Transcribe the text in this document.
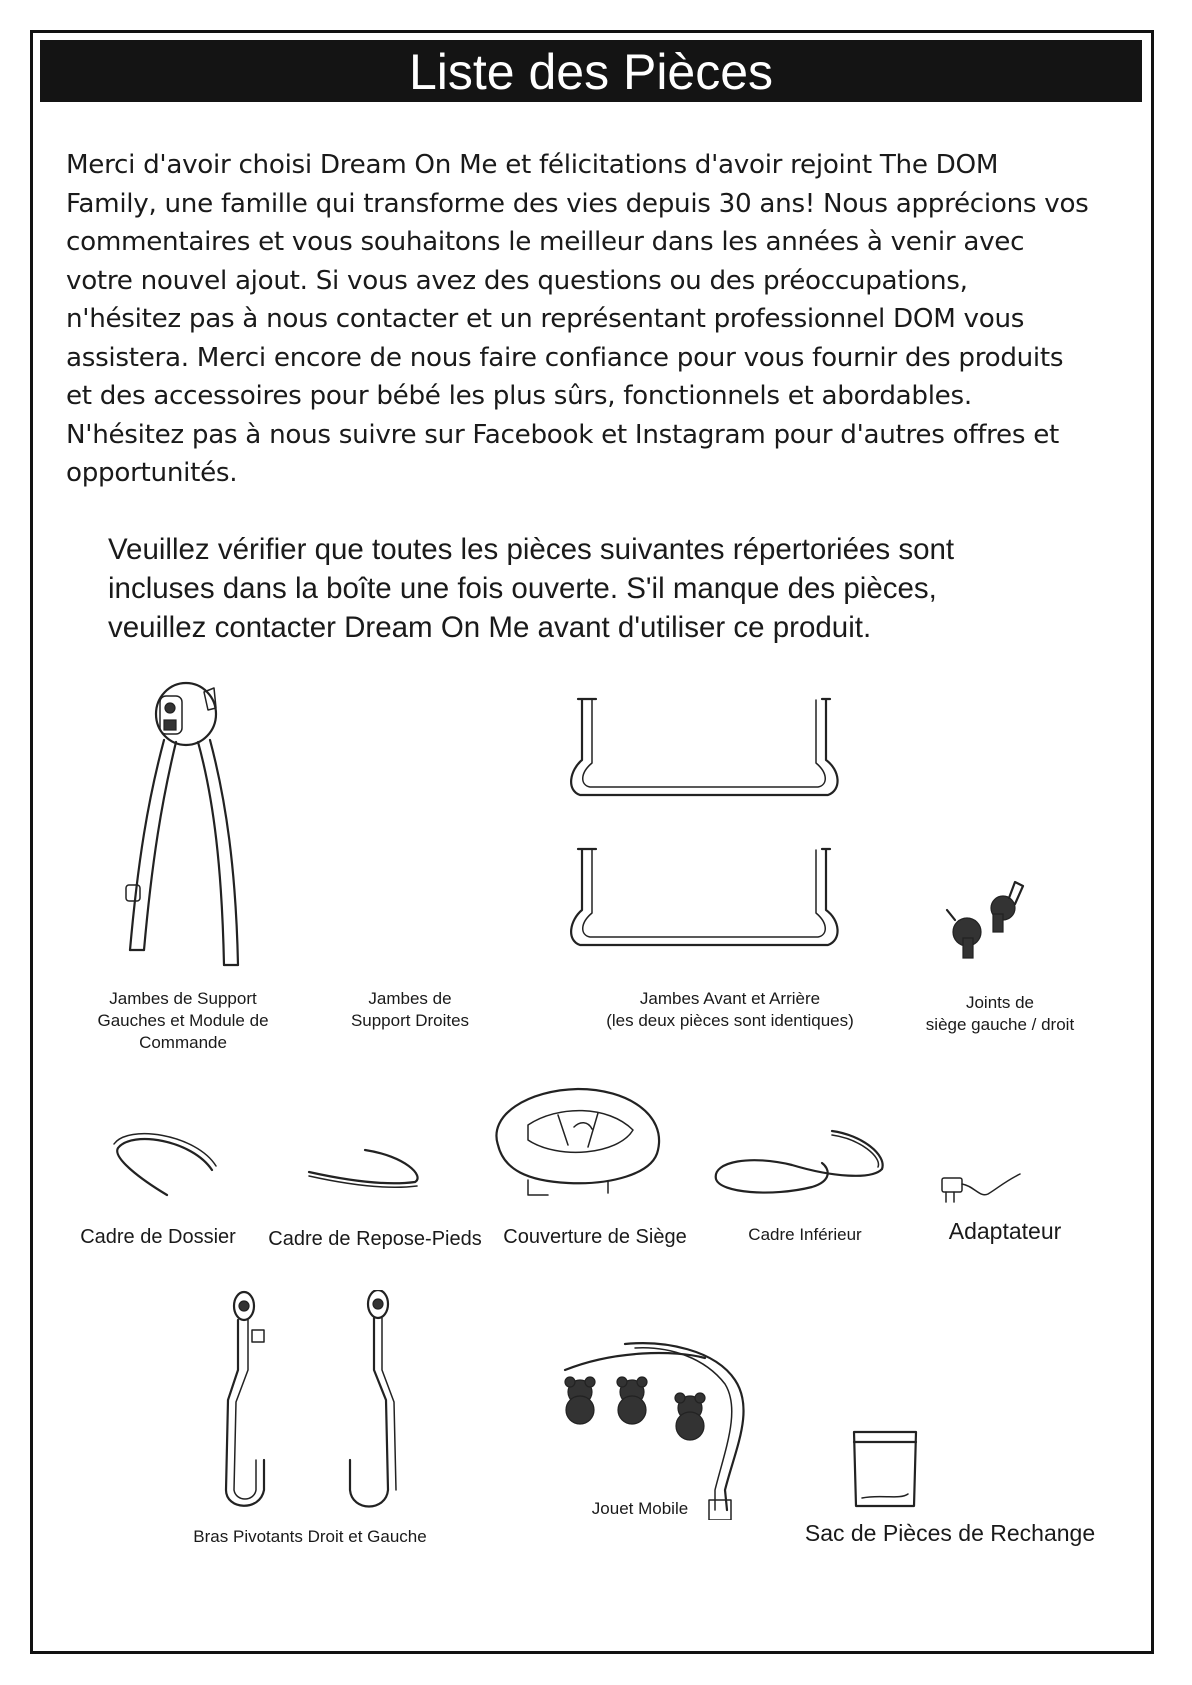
Liste des Pièces

Merci d'avoir choisi Dream On Me et félicitations d'avoir rejoint The DOM
Family, une famille qui transforme des vies depuis 30 ans! Nous apprécions vos
commentaires et vous souhaitons le meilleur dans les années à venir avec
votre nouvel ajout. Si vous avez des questions ou des préoccupations,
n'hésitez pas à nous contacter et un représentant professionnel DOM vous
assistera. Merci encore de nous faire confiance pour vous fournir des produits
et des accessoires pour bébé les plus sûrs, fonctionnels et abordables.
N'hésitez pas à nous suivre sur Facebook et Instagram pour d'autres offres et
opportunités.

Veuillez vérifier que toutes les pièces suivantes répertoriées sont
incluses dans la boîte une fois ouverte. S'il manque des pièces,
veuillez contacter Dream On Me avant d'utiliser ce produit.

Jambes de Support
Gauches et Module de
Commande
Jambes de
Support Droites
Jambes Avant et Arrière
(les deux pièces sont identiques)
Joints de
siège gauche / droit
Cadre de Dossier	Cadre de Repose-Pieds	Couverture de Siège	Cadre Inférieur	Adaptateur
Bras Pivotants Droit et Gauche
Jouet Mobile
Sac de Pièces de Rechange
